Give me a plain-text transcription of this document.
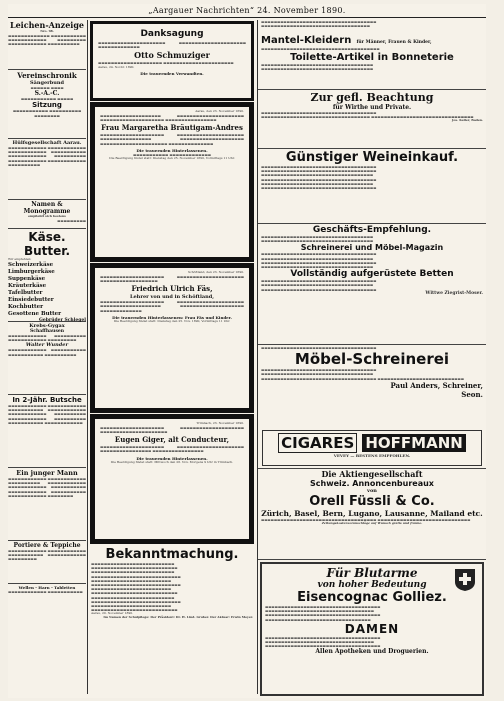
„Aargauer Nachrichten“ 24. November 1890.
Leichen-Anzeige
Nro. 98.
▬▬▬▬▬▬▬▬▬▬▬▬▬ ▬▬▬▬▬▬▬▬▬▬▬ ▬▬▬▬▬▬▬▬▬▬▬▬ ▬▬▬▬▬▬▬▬▬ ▬▬▬▬▬▬▬▬▬▬▬▬ ▬▬▬▬▬▬▬▬▬▬
Vereinschronik
Sängerbund
▬▬▬▬▬▬ ▬▬▬▬
S.-A.-C.
▬▬▬▬▬▬▬▬▬▬▬ ▬▬▬▬▬
Sitzung
▬▬▬▬▬▬▬▬▬▬▬ ▬▬▬▬▬▬▬▬▬▬ ▬▬▬▬▬▬▬▬
Hülfsgesellschaft Aarau.
▬▬▬▬▬▬▬▬▬▬▬▬ ▬▬▬▬▬▬▬▬▬▬▬▬ ▬▬▬▬▬▬▬▬▬▬▬▬ ▬▬▬▬▬▬▬▬▬▬▬ ▬▬▬▬▬▬▬▬▬▬▬▬ ▬▬▬▬▬▬▬▬▬▬ ▬▬▬▬▬▬▬▬▬▬▬▬ ▬▬▬▬▬▬▬▬▬▬▬▬ ▬▬▬▬▬▬▬▬▬▬
Namen & Monogramme
empfiehlt sich bestens
▬▬▬▬▬▬▬▬▬
Käse. Butter.
Wir empfehlen:
Schweizerkäse
Limburgerkäse
Suppenkäse
Kräuterkäse
Tafelbutter
Einsiedebutter
Kochbutter
Gesottene Butter
Gebrüder Schlegel
Krebs-Gygax
Schaffhausen
▬▬▬▬▬▬▬▬▬▬▬▬ ▬▬▬▬▬▬▬▬▬▬ ▬▬▬▬▬▬▬▬▬▬▬▬ ▬▬▬▬▬▬▬▬▬
Walter Wunder
▬▬▬▬▬▬▬▬▬▬▬▬ ▬▬▬▬▬▬▬▬▬▬▬ ▬▬▬▬▬▬▬▬▬▬▬ ▬▬▬▬▬▬▬▬▬▬
In 2-Jähr. Butsche
▬▬▬▬▬▬▬▬▬▬▬▬ ▬▬▬▬▬▬▬▬▬▬▬▬ ▬▬▬▬▬▬▬▬▬▬▬ ▬▬▬▬▬▬▬▬▬▬▬▬ ▬▬▬▬▬▬▬▬▬▬▬▬ ▬▬▬▬▬▬▬▬▬▬ ▬▬▬▬▬▬▬▬▬▬▬▬ ▬▬▬▬▬▬▬▬▬▬ ▬▬▬▬▬▬▬▬▬▬▬ ▬▬▬▬▬▬▬▬▬▬▬▬
Ein junger Mann
▬▬▬▬▬▬▬▬▬▬▬▬ ▬▬▬▬▬▬▬▬▬▬▬▬ ▬▬▬▬▬▬▬▬▬▬ ▬▬▬▬▬▬▬▬▬▬▬▬ ▬▬▬▬▬▬▬▬▬▬▬▬ ▬▬▬▬▬▬▬▬▬▬▬ ▬▬▬▬▬▬▬▬▬▬▬▬ ▬▬▬▬▬▬▬▬▬▬▬ ▬▬▬▬▬▬▬▬▬▬▬▬ ▬▬▬▬▬▬▬▬
Portiere & Teppiche
▬▬▬▬▬▬▬▬▬▬▬▬ ▬▬▬▬▬▬▬▬▬▬▬▬ ▬▬▬▬▬▬▬▬▬▬▬ ▬▬▬▬▬▬▬▬▬▬▬▬ ▬▬▬▬▬▬▬▬▬
Wellen - Harn - Tabletten
▬▬▬▬▬▬▬▬▬▬▬▬ ▬▬▬▬▬▬▬▬▬▬▬
Danksagung
▬▬▬▬▬▬▬▬▬▬▬▬▬▬▬▬▬▬▬▬▬ ▬▬▬▬▬▬▬▬▬▬▬▬▬▬▬▬▬▬▬▬▬ ▬▬▬▬▬▬▬▬▬▬▬▬▬
Otto Schmuziger
▬▬▬▬▬▬▬▬▬▬▬▬▬▬▬▬▬▬▬▬ ▬▬▬▬▬▬▬▬▬▬▬▬▬▬▬▬▬▬▬▬▬▬
Aarau, 24. Novbr. 1890.
Die trauernden Verwandten.
Aarau, den 23. November 1890.
▬▬▬▬▬▬▬▬▬▬▬▬▬▬▬▬▬▬▬ ▬▬▬▬▬▬▬▬▬▬▬▬▬▬▬▬▬▬▬▬▬ ▬▬▬▬▬▬▬▬▬▬▬▬▬▬▬▬▬▬▬▬ ▬▬▬▬▬▬▬▬▬▬▬▬▬▬▬▬
Frau Margaretha Bräutigam-Andres
▬▬▬▬▬▬▬▬▬▬▬▬▬▬▬▬▬▬▬▬ ▬▬▬▬▬▬▬▬▬▬▬▬▬▬▬▬▬▬▬▬▬ ▬▬▬▬▬▬▬▬▬▬▬▬▬▬▬▬ ▬▬▬▬▬▬▬▬▬▬▬▬▬▬▬▬▬▬▬▬ ▬▬▬▬▬▬▬▬▬▬▬▬▬▬▬▬▬▬▬▬▬ ▬▬▬▬▬▬▬▬▬▬▬▬▬▬
Die trauernden Hinterlassenen.
▬▬▬▬▬▬▬▬▬▬▬ ▬▬▬▬▬▬▬▬▬▬▬▬▬
Die Beerdigung findet statt: Dienstag den 25. November 1890, Vormittags 11 Uhr.
Schöftland, den 23. November 1890.
▬▬▬▬▬▬▬▬▬▬▬▬▬▬▬▬▬▬▬▬ ▬▬▬▬▬▬▬▬▬▬▬▬▬▬▬▬▬▬▬▬▬ ▬▬▬▬▬▬▬▬▬▬▬▬▬▬▬▬▬▬
Friedrich Ulrich Fäs,
Lehrer von und in Schöftland,
▬▬▬▬▬▬▬▬▬▬▬▬▬▬▬▬▬▬▬▬ ▬▬▬▬▬▬▬▬▬▬▬▬▬▬▬▬▬▬▬▬▬ ▬▬▬▬▬▬▬▬▬▬▬▬▬▬▬▬▬▬▬ ▬▬▬▬▬▬▬▬▬▬▬▬▬▬▬▬▬▬▬▬ ▬▬▬▬▬▬▬▬▬▬▬▬▬
Die trauernden Hinterlassenen: Frau Fäs und Kinder.
Die Beerdigung findet statt: Dienstag den 25. Nov. 1890, Vormittags 11 Uhr.
Trimbach, 23. November 1890.
▬▬▬▬▬▬▬▬▬▬▬▬▬▬▬▬▬▬▬▬ ▬▬▬▬▬▬▬▬▬▬▬▬▬▬▬▬▬▬▬▬ ▬▬▬▬▬▬▬▬▬▬▬▬▬▬▬▬▬▬▬▬▬
Eugen Giger, alt Conducteur,
▬▬▬▬▬▬▬▬▬▬▬▬▬▬▬▬▬▬▬▬ ▬▬▬▬▬▬▬▬▬▬▬▬▬▬▬▬▬▬▬▬▬ ▬▬▬▬▬▬▬▬▬▬▬▬▬▬▬▬ ▬▬▬▬▬▬▬▬▬▬▬▬▬▬▬▬
Die trauernden Hinterlassenen.
Die Beerdigung findet statt: Mittwoch den 26. Nov. Morgens 9 Uhr in Trimbach.
Bekanntmachung.
▬▬▬▬▬▬▬▬▬▬▬▬▬▬▬▬▬▬▬▬▬▬▬▬▬▬ ▬▬▬▬▬▬▬▬▬▬▬▬▬▬▬▬▬▬▬▬▬▬▬▬▬▬▬ ▬▬▬▬▬▬▬▬▬▬▬▬▬▬▬▬▬▬▬▬▬▬▬▬▬▬ ▬▬▬▬▬▬▬▬▬▬▬▬▬▬▬▬▬▬▬▬▬▬▬▬▬▬▬▬ ▬▬▬▬▬▬▬▬▬▬▬▬▬▬▬▬▬▬▬▬▬▬▬▬▬ ▬▬▬▬▬▬▬▬▬▬▬▬▬▬▬▬▬▬▬▬▬▬▬▬▬▬▬▬ ▬▬▬▬▬▬▬▬▬▬▬▬▬▬▬▬▬▬▬▬▬▬▬▬▬ ▬▬▬▬▬▬▬▬▬▬▬▬▬▬▬▬▬▬▬▬▬▬▬▬▬▬▬ ▬▬▬▬▬▬▬▬▬▬▬▬▬▬▬▬▬▬▬▬▬▬▬▬▬▬ ▬▬▬▬▬▬▬▬▬▬▬▬▬▬▬▬▬▬▬▬▬▬▬▬▬▬▬▬ ▬▬▬▬▬▬▬▬▬▬▬▬▬▬▬▬▬▬▬▬▬▬▬▬▬ ▬▬▬▬▬▬▬▬▬▬▬▬▬▬▬▬▬▬▬▬▬▬▬▬▬▬▬
Aarau, 20. November 1890.
Im Namen der Schulpflege: Der Präsident: Dr. H. Lind. Gruber. Der Aktuar: Erwin Meyer.
▬▬▬▬▬▬▬▬▬▬▬▬▬▬▬▬▬▬▬▬▬▬▬▬▬▬▬▬▬▬▬▬▬▬▬▬ ▬▬▬▬▬▬▬▬▬▬▬▬▬▬▬▬▬▬▬▬▬▬▬▬▬▬▬▬▬▬▬▬▬▬
Mantel-Kleidern für Männer, Frauen & Kinder,
▬▬▬▬▬▬▬▬▬▬▬▬▬▬▬▬▬▬▬▬▬▬▬▬▬▬▬▬▬▬▬▬▬▬▬▬▬
Toilette-Artikel in Bonneterie
▬▬▬▬▬▬▬▬▬▬▬▬▬▬▬▬▬▬▬▬▬▬▬▬▬▬▬▬▬▬▬▬▬▬▬ ▬▬▬▬▬▬▬▬▬▬▬▬▬▬▬▬▬▬▬▬▬▬▬▬▬▬▬▬▬▬▬▬▬▬▬
Zur gefl. Beachtung
für Wirthe und Private.
▬▬▬▬▬▬▬▬▬▬▬▬▬▬▬▬▬▬▬▬▬▬▬▬▬▬▬▬▬▬▬▬▬▬▬▬ ▬▬▬▬▬▬▬▬▬▬▬▬▬▬▬▬▬▬▬▬▬▬▬▬▬▬▬▬▬▬▬▬▬▬ ▬▬▬▬▬▬▬▬▬▬▬▬▬▬▬▬▬▬▬▬▬▬▬▬▬▬▬▬▬▬▬▬
Jos. Keller, Baden.
Günstiger Weineinkauf.
▬▬▬▬▬▬▬▬▬▬▬▬▬▬▬▬▬▬▬▬▬▬▬▬▬▬▬▬▬▬▬▬▬▬▬▬ ▬▬▬▬▬▬▬▬▬▬▬▬▬▬▬▬▬▬▬▬▬▬▬▬▬▬▬▬▬▬▬▬▬▬▬▬ ▬▬▬▬▬▬▬▬▬▬▬▬▬▬▬▬▬▬▬▬▬▬▬▬▬▬▬▬▬▬▬▬▬▬▬ ▬▬▬▬▬▬▬▬▬▬▬▬▬▬▬▬▬▬▬▬▬▬▬▬▬▬▬▬▬▬▬▬▬▬▬▬ ▬▬▬▬▬▬▬▬▬▬▬▬▬▬▬▬▬▬▬▬▬▬▬▬▬▬▬▬▬▬▬▬▬▬▬ ▬▬▬▬▬▬▬▬▬▬▬▬▬▬▬▬▬▬▬▬▬▬▬▬▬▬▬▬▬▬▬▬▬▬▬▬
Geschäfts-Empfehlung.
▬▬▬▬▬▬▬▬▬▬▬▬▬▬▬▬▬▬▬▬▬▬▬▬▬▬▬▬▬▬▬▬▬▬▬ ▬▬▬▬▬▬▬▬▬▬▬▬▬▬▬▬▬▬▬▬▬▬▬▬▬▬▬▬▬▬▬▬▬▬▬
Schreinerei und Möbel-Magazin
▬▬▬▬▬▬▬▬▬▬▬▬▬▬▬▬▬▬▬▬▬▬▬▬▬▬▬▬▬▬▬▬▬▬▬▬ ▬▬▬▬▬▬▬▬▬▬▬▬▬▬▬▬▬▬▬▬▬▬▬▬▬▬▬▬▬▬▬▬▬▬▬ ▬▬▬▬▬▬▬▬▬▬▬▬▬▬▬▬▬▬▬▬▬▬▬▬▬▬▬▬▬▬▬▬▬▬▬▬ ▬▬▬▬▬▬▬▬▬▬▬▬▬▬▬▬▬▬▬▬▬▬▬▬▬▬▬▬▬▬▬▬▬▬▬
Vollständig aufgerüstete Betten
▬▬▬▬▬▬▬▬▬▬▬▬▬▬▬▬▬▬▬▬▬▬▬▬▬▬▬▬▬▬▬▬▬▬▬▬ ▬▬▬▬▬▬▬▬▬▬▬▬▬▬▬▬▬▬▬▬▬▬▬▬▬▬▬▬▬▬▬▬▬▬▬ ▬▬▬▬▬▬▬▬▬▬▬▬▬▬▬▬▬▬▬▬▬▬▬▬▬▬▬▬▬▬▬▬▬▬▬▬
Wittwe Ziegrist-Moser.
▬▬▬▬▬▬▬▬▬▬▬▬▬▬▬▬▬▬▬▬▬▬▬▬▬▬▬▬▬▬▬▬▬▬▬▬
Möbel-Schreinerei
▬▬▬▬▬▬▬▬▬▬▬▬▬▬▬▬▬▬▬▬▬▬▬▬▬▬▬▬▬▬▬▬▬▬▬▬ ▬▬▬▬▬▬▬▬▬▬▬▬▬▬▬▬▬▬▬▬▬▬▬▬▬▬▬▬▬▬▬▬▬▬▬ ▬▬▬▬▬▬▬▬▬▬▬▬▬▬▬▬▬▬▬▬▬▬▬▬▬▬▬▬▬▬▬▬▬▬▬▬ ▬▬▬▬▬▬▬▬▬▬▬▬▬▬▬▬▬▬▬▬▬▬▬▬▬▬▬
Paul Anders, Schreiner,
Seon.
CIGARES HOFFMANN
VEVEY — BESTENS EMPFOHLEN.
Die Aktiengesellschaft
Schweiz. Annoncenbureaux
von
Orell Füssli & Co.
Zürich, Basel, Bern, Lugano, Lausanne, Mailand etc.
▬▬▬▬▬▬▬▬▬▬▬▬▬▬▬▬▬▬▬▬▬▬▬▬▬▬▬▬▬▬▬▬▬▬▬▬ ▬▬▬▬▬▬▬▬▬▬▬▬▬▬▬▬▬▬▬▬▬▬▬▬▬▬▬▬▬
Zeitungskostenvoranschläge auf Wunsch gratis und franko.
Für Blutarme
von hoher Bedeutung
Eisencognac Golliez.
▬▬▬▬▬▬▬▬▬▬▬▬▬▬▬▬▬▬▬▬▬▬▬▬▬▬▬▬▬▬▬▬▬▬▬▬ ▬▬▬▬▬▬▬▬▬▬▬▬▬▬▬▬▬▬▬▬▬▬▬▬▬▬▬▬▬▬▬▬▬▬ ▬▬▬▬▬▬▬▬▬▬▬▬▬▬▬▬▬▬▬▬▬▬▬▬▬▬▬▬▬▬▬▬▬▬▬▬ ▬▬▬▬▬▬▬▬▬▬▬▬▬▬▬▬▬▬▬▬▬▬▬▬▬▬▬▬▬▬▬▬▬
DAMEN
▬▬▬▬▬▬▬▬▬▬▬▬▬▬▬▬▬▬▬▬▬▬▬▬▬▬▬▬▬▬▬▬▬▬▬▬ ▬▬▬▬▬▬▬▬▬▬▬▬▬▬▬▬▬▬▬▬▬▬▬▬▬▬▬▬▬▬▬▬▬▬ ▬▬▬▬▬▬▬▬▬▬▬▬▬▬▬▬▬▬▬▬▬▬▬▬▬▬▬▬▬▬▬▬▬▬▬▬
Allen Apotheken und Droguerien.
